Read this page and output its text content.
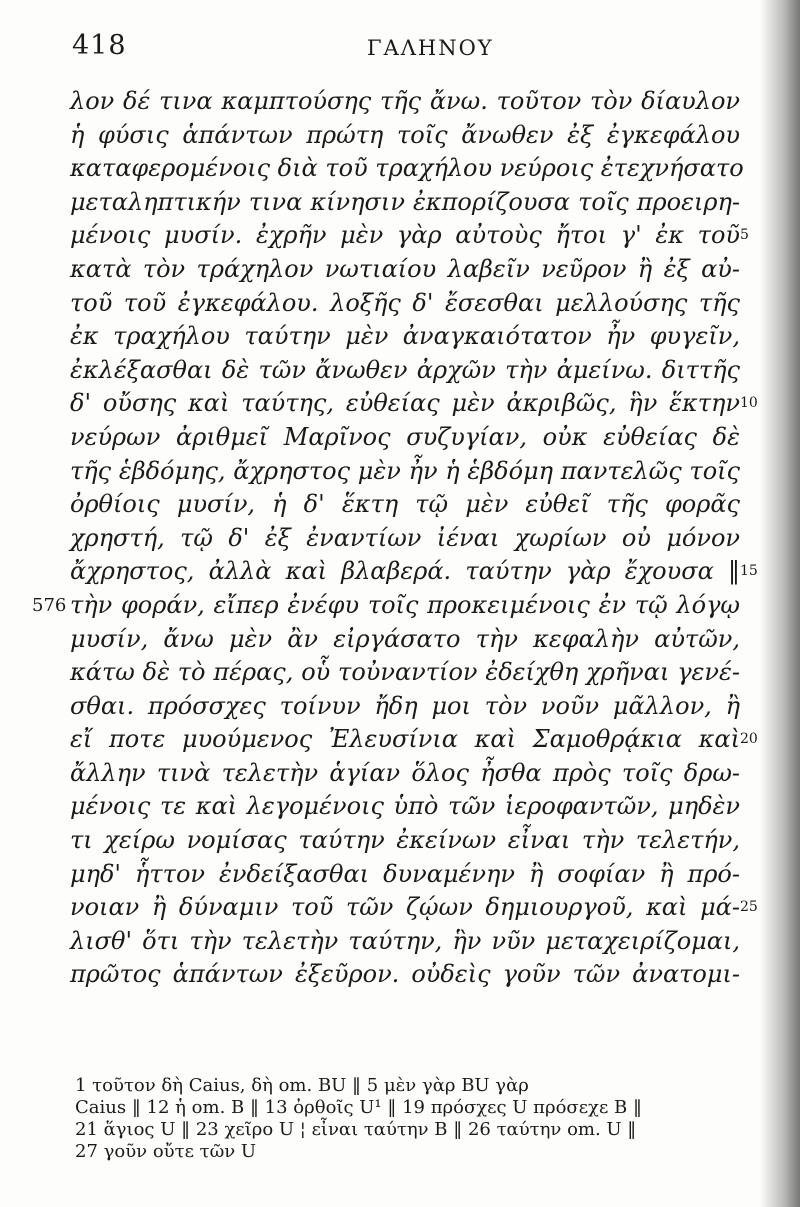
418	ΓΑΛΗΝΟΥ
λον δέ τινα καμπτούσης τῆς ἄνω. τοῦτον τὸν δίαυλον
ἡ φύσις ἁπάντων πρώτη τοῖς ἄνωθεν ἐξ ἐγκεφάλου
καταφερομένοις διὰ τοῦ τραχήλου νεύροις ἐτεχνήσατο
μεταληπτικήν τινα κίνησιν ἐκπορίζουσα τοῖς προειρη-
μένοις μυσίν. ἐχρῆν μὲν γὰρ αὐτοὺς ἤτοι γ' ἐκ τοῦ 5
κατὰ τὸν τράχηλον νωτιαίου λαβεῖν νεῦρον ἢ ἐξ αὐ-
τοῦ τοῦ ἐγκεφάλου. λοξῆς δ' ἔσεσθαι μελλούσης τῆς
ἐκ τραχήλου ταύτην μὲν ἀναγκαιότατον ἦν φυγεῖν,
ἐκλέξασθαι δὲ τῶν ἄνωθεν ἀρχῶν τὴν ἀμείνω. διττῆς
δ' οὔσης καὶ ταύτης, εὐθείας μὲν ἀκριβῶς, ἣν ἕκτην 10
νεύρων ἀριθμεῖ Μαρῖνος συζυγίαν, οὐκ εὐθείας δὲ
τῆς ἑβδόμης, ἄχρηστος μὲν ἦν ἡ ἑβδόμη παντελῶς τοῖς
ὀρθίοις μυσίν, ἡ δ' ἕκτη τῷ μὲν εὐθεῖ τῆς φορᾶς
χρηστή, τῷ δ' ἐξ ἐναντίων ἰέναι χωρίων οὐ μόνον
ἄχρηστος, ἀλλὰ καὶ βλαβερά. ταύτην γὰρ ἔχουσα ‖ 15
τὴν φοράν, εἴπερ ἐνέφυ τοῖς προκειμένοις ἐν τῷ λόγῳ
576
μυσίν, ἄνω μὲν ἂν εἰργάσατο τὴν κεφαλὴν αὐτῶν,
κάτω δὲ τὸ πέρας, οὗ τοὐναντίον ἐδείχθη χρῆναι γενέ-
σθαι. πρόσσχες τοίνυν ἤδη μοι τὸν νοῦν μᾶλλον, ἢ
εἴ ποτε μυούμενος Ἐλευσίνια καὶ Σαμοθρᾴκια καὶ 20
ἄλλην τινὰ τελετὴν ἁγίαν ὅλος ἦσθα πρὸς τοῖς δρω-
μένοις τε καὶ λεγομένοις ὑπὸ τῶν ἱεροφαντῶν, μηδὲν
τι χείρω νομίσας ταύτην ἐκείνων εἶναι τὴν τελετήν,
μηδ' ἧττον ἐνδείξασθαι δυναμένην ἢ σοφίαν ἢ πρό-
νοιαν ἢ δύναμιν τοῦ τῶν ζῴων δημιουργοῦ, καὶ μά- 25
λισθ' ὅτι τὴν τελετὴν ταύτην, ἣν νῦν μεταχειρίζομαι,
πρῶτος ἁπάντων ἐξεῦρον. οὐδεὶς γοῦν τῶν ἀνατομι-
1 τοῦτον δὴ Caius, δὴ om. BU ‖ 5 μὲν γὰρ BU γὰρ
Caius ‖ 12 ἡ om. B ‖ 13 ὀρθοῖς U¹ ‖ 19 πρόσχες U πρόσεχε B ‖
21 ἅγιος U ‖ 23 χεῖρο U ¦ εἶναι ταύτην B ‖ 26 ταύτην om. U ‖
27 γοῦν οὔτε τῶν U
